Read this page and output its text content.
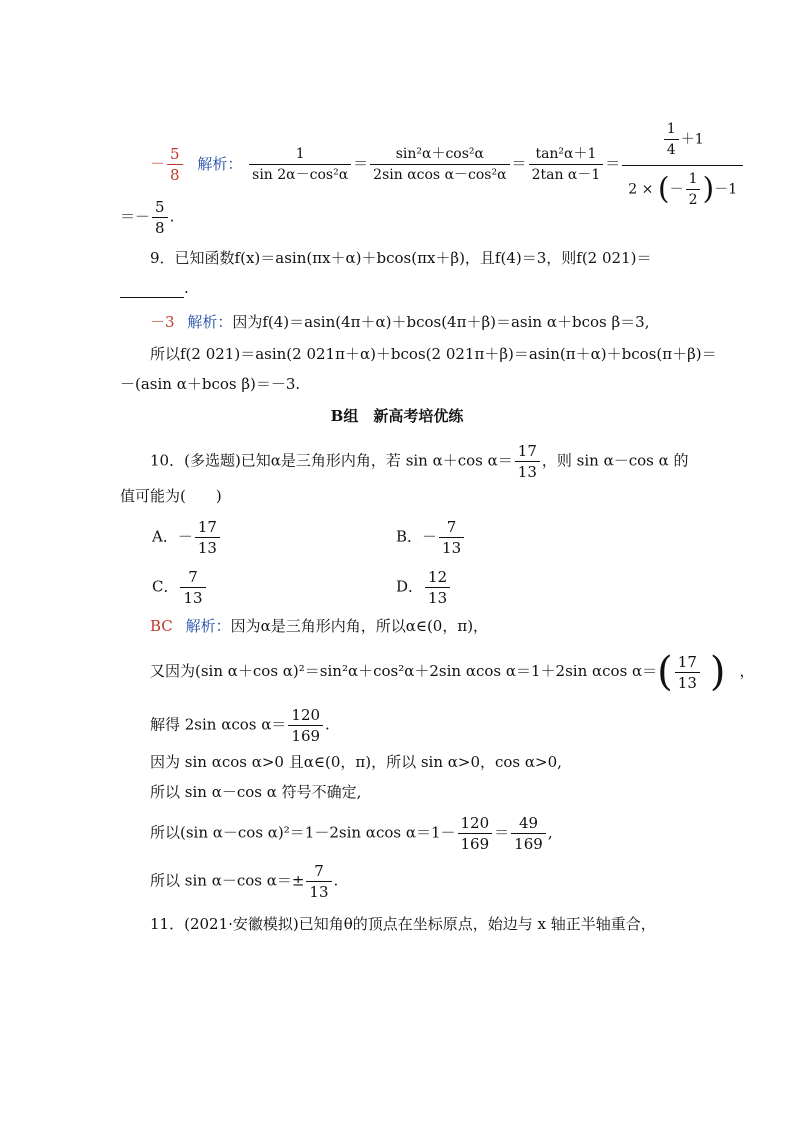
－ $\frac{5}{8}$ 解析： $\frac{1}{\text{sin 2α－cos²α}} = \frac{\text{sin²α＋cos²α}}{\text{2sin αcos α－cos²α}} = \frac{\text{tan²α＋1}}{\text{2tan α－1}} = \frac{\frac{1}{4} +1}{2 \times (- \frac{1}{2} )-1}$
＝－ $\frac{5}{8}$ .
9．已知函数f(x)＝asin(πx＋α)＋bcos(πx＋β)，且f(4)＝3，则f(2 021)＝
.
－3 解析：因为f(4)＝asin(4π＋α)＋bcos(4π＋β)＝asin α＋bcos β＝3,
所以f(2 021)＝asin(2 021π＋α)＋bcos(2 021π＋β)＝asin(π＋α)＋bcos(π＋β)＝
－(asin α＋bcos β)＝－3.
B组　新高考培优练
10．(多选题)已知α是三角形内角，若 sin α＋cos $\alpha= \frac{17}{13}$ ，则 sin α－cos α 的
值可能为(　　)
A．－ $\frac{17}{13}$	B．－ $\frac{7}{13}$
C． $\frac{7}{13}$	D． $\frac{12}{13}$
BC 解析：因为α是三角形内角，所以α∈(0，π)，
又因为(sin α＋cos α)²＝sin²α＋cos²α＋2sin αcos α＝1＋2sin αcos $\alpha=( \frac{17}{13}$ ) ，
解得 2sin αcos $\alpha= \frac{120}{169}$ .
因为 sin αcos α>0 且α∈(0，π)，所以 sin α>0，cos α>0,
所以 sin α－cos α 符号不确定,
所以(sin α－cos α)²＝1－2sin αcos $\alpha=1- \frac{120}{169} = \frac{49}{169}$ ,
所以 sin α－cos $\alpha=\pm \frac{7}{13}$ .
11．(2021·安徽模拟)已知角θ的顶点在坐标原点，始边与 x 轴正半轴重合，
